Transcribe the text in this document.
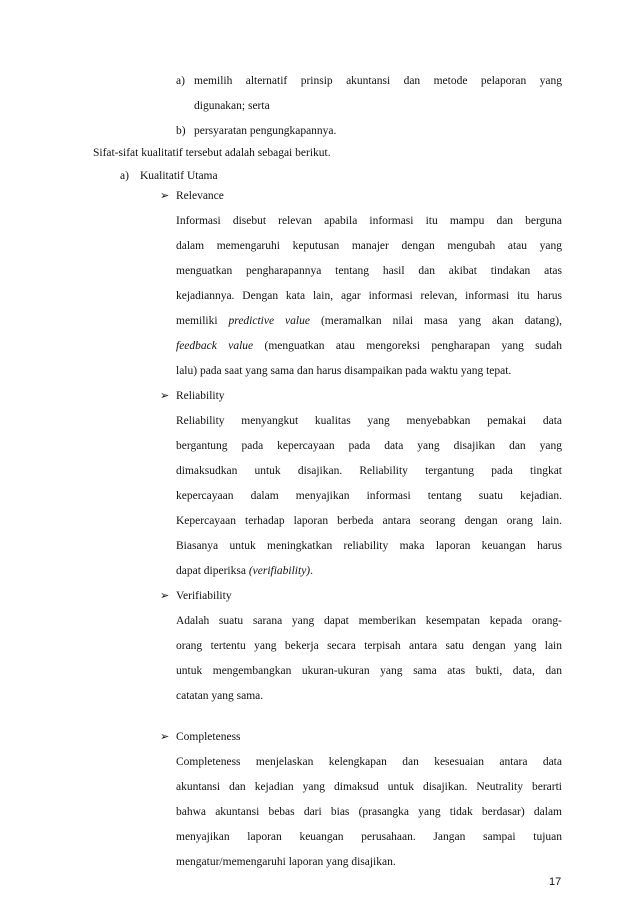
a) memilih alternatif prinsip akuntansi dan metode pelaporan yang
digunakan; serta
b) persyaratan pengungkapannya.
Sifat-sifat kualitatif tersebut adalah sebagai berikut.
a) Kualitatif Utama
➢ Relevance
Informasi disebut relevan apabila informasi itu mampu dan berguna
dalam memengaruhi keputusan manajer dengan mengubah atau yang
menguatkan pengharapannya tentang hasil dan akibat tindakan atas
kejadiannya. Dengan kata lain, agar informasi relevan, informasi itu harus
memiliki predictive value (meramalkan nilai masa yang akan datang),
feedback value (menguatkan atau mengoreksi pengharapan yang sudah
lalu) pada saat yang sama dan harus disampaikan pada waktu yang tepat.
➢ Reliability
Reliability menyangkut kualitas yang menyebabkan pemakai data
bergantung pada kepercayaan pada data yang disajikan dan yang
dimaksudkan untuk disajikan. Reliability tergantung pada tingkat
kepercayaan dalam menyajikan informasi tentang suatu kejadian.
Kepercayaan terhadap laporan berbeda antara seorang dengan orang lain.
Biasanya untuk meningkatkan reliability maka laporan keuangan harus
dapat diperiksa (verifiability).
➢ Verifiability
Adalah suatu sarana yang dapat memberikan kesempatan kepada orang-
orang tertentu yang bekerja secara terpisah antara satu dengan yang lain
untuk mengembangkan ukuran-ukuran yang sama atas bukti, data, dan
catatan yang sama.
➢ Completeness
Completeness menjelaskan kelengkapan dan kesesuaian antara data
akuntansi dan kejadian yang dimaksud untuk disajikan. Neutrality berarti
bahwa akuntansi bebas dari bias (prasangka yang tidak berdasar) dalam
menyajikan laporan keuangan perusahaan. Jangan sampai tujuan
mengatur/memengaruhi laporan yang disajikan.
17
